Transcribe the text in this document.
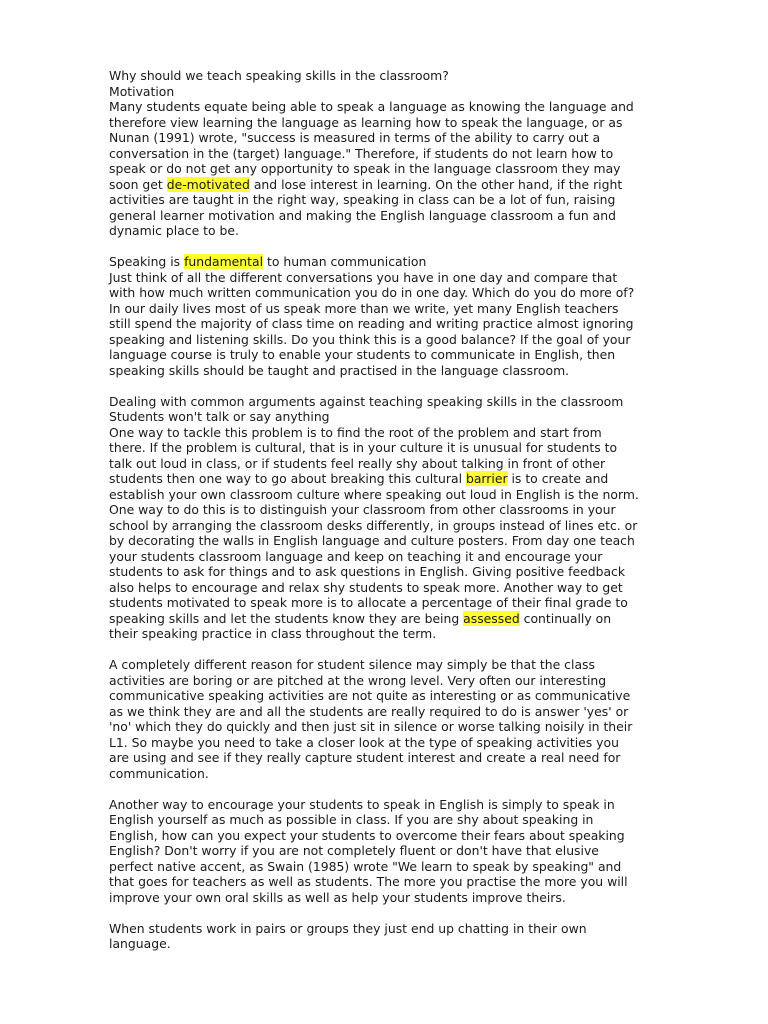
Why should we teach speaking skills in the classroom?
Motivation
Many students equate being able to speak a language as knowing the language and
therefore view learning the language as learning how to speak the language, or as
Nunan (1991) wrote, "success is measured in terms of the ability to carry out a
conversation in the (target) language." Therefore, if students do not learn how to
speak or do not get any opportunity to speak in the language classroom they may
soon get de-motivated and lose interest in learning. On the other hand, if the right
activities are taught in the right way, speaking in class can be a lot of fun, raising
general learner motivation and making the English language classroom a fun and
dynamic place to be.
Speaking is fundamental to human communication
Just think of all the different conversations you have in one day and compare that
with how much written communication you do in one day. Which do you do more of?
In our daily lives most of us speak more than we write, yet many English teachers
still spend the majority of class time on reading and writing practice almost ignoring
speaking and listening skills. Do you think this is a good balance? If the goal of your
language course is truly to enable your students to communicate in English, then
speaking skills should be taught and practised in the language classroom.
Dealing with common arguments against teaching speaking skills in the classroom
Students won't talk or say anything
One way to tackle this problem is to find the root of the problem and start from
there. If the problem is cultural, that is in your culture it is unusual for students to
talk out loud in class, or if students feel really shy about talking in front of other
students then one way to go about breaking this cultural barrier is to create and
establish your own classroom culture where speaking out loud in English is the norm.
One way to do this is to distinguish your classroom from other classrooms in your
school by arranging the classroom desks differently, in groups instead of lines etc. or
by decorating the walls in English language and culture posters. From day one teach
your students classroom language and keep on teaching it and encourage your
students to ask for things and to ask questions in English. Giving positive feedback
also helps to encourage and relax shy students to speak more. Another way to get
students motivated to speak more is to allocate a percentage of their final grade to
speaking skills and let the students know they are being assessed continually on
their speaking practice in class throughout the term.
A completely different reason for student silence may simply be that the class
activities are boring or are pitched at the wrong level. Very often our interesting
communicative speaking activities are not quite as interesting or as communicative
as we think they are and all the students are really required to do is answer 'yes' or
'no' which they do quickly and then just sit in silence or worse talking noisily in their
L1. So maybe you need to take a closer look at the type of speaking activities you
are using and see if they really capture student interest and create a real need for
communication.
Another way to encourage your students to speak in English is simply to speak in
English yourself as much as possible in class. If you are shy about speaking in
English, how can you expect your students to overcome their fears about speaking
English? Don't worry if you are not completely fluent or don't have that elusive
perfect native accent, as Swain (1985) wrote "We learn to speak by speaking" and
that goes for teachers as well as students. The more you practise the more you will
improve your own oral skills as well as help your students improve theirs.
When students work in pairs or groups they just end up chatting in their own
language.
